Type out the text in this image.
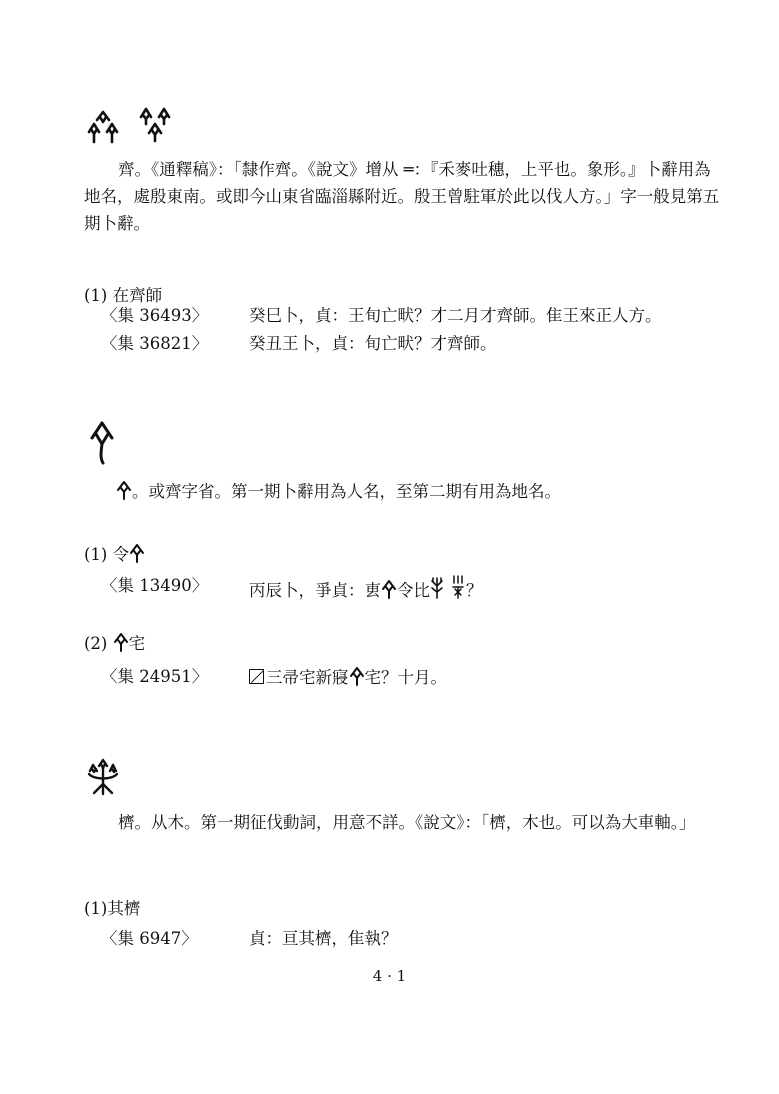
齊。《通釋稿》：「隸作齊。《說文》增从 ═：『禾麥吐穗，上平也。象形。』卜辭用為地名，處殷東南。或即今山東省臨淄縣附近。殷王曾駐軍於此以伐人方。」字一般見第五期卜辭。
(1) 在齊師
〈集 36493〉	癸巳卜，貞：王旬亡畎？才二月才齊師。隹王來正人方。
〈集 36821〉	癸丑王卜，貞：旬亡畎？才齊師。
。或齊字省。第一期卜辭用為人名，至第二期有用為地名。
(1) 令
〈集 13490〉	丙辰卜，爭貞：叀 令比 ？
(2) 宅
〈集 24951〉	三帚宅新寢 宅？十月。
櫅。从木。第一期征伐動詞，用意不詳。《說文》：「櫅，木也。可以為大車軸。」
(1)其櫅
〈集 6947〉	貞：亘其櫅，隹執？
4 · 1
